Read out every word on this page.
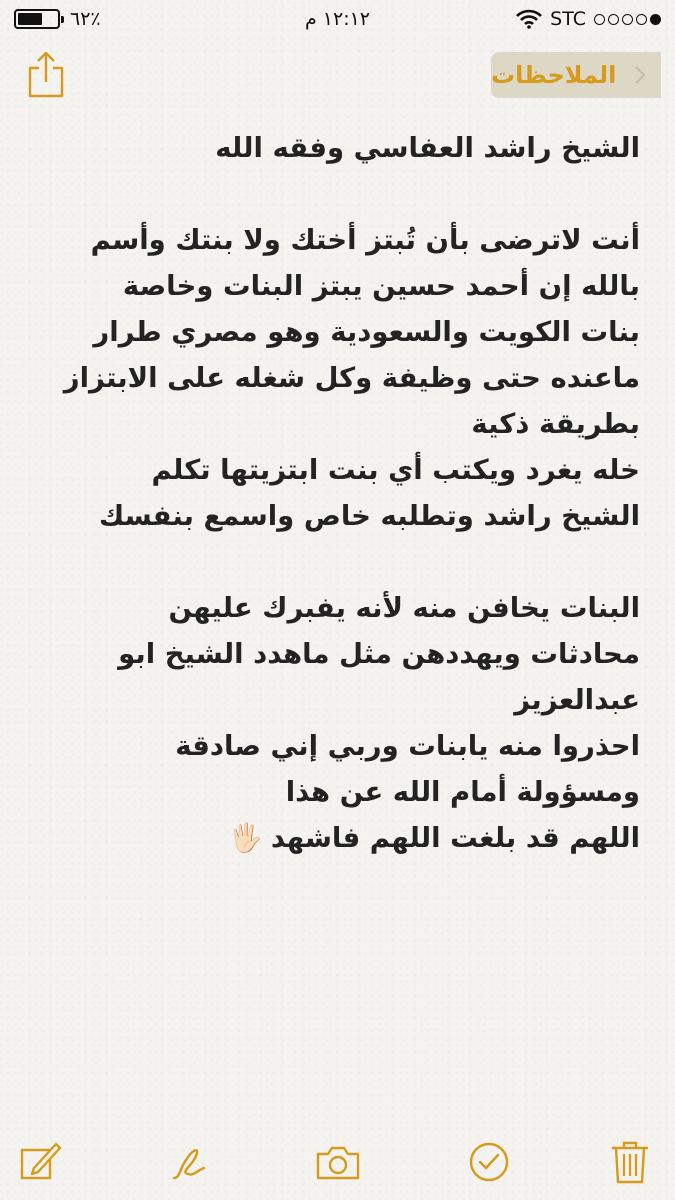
٦٢٪	١٢:١٢ م	STC
الملاحظات

الشيخ راشد العفاسي وفقه الله

أنت لاترضى بأن تُبتز أختك ولا بنتك وأسم

بالله إن أحمد حسين يبتز البنات وخاصة

بنات الكويت والسعودية وهو مصري طرار

ماعنده حتى وظيفة وكل شغله على الابتزاز

بطريقة ذكية

خله يغرد ويكتب أي بنت ابتزيتها تكلم

الشيخ راشد وتطلبه خاص واسمع بنفسك

البنات يخافن منه لأنه يفبرك عليهن

محادثات ويهددهن مثل ماهدد الشيخ ابو

عبدالعزيز

احذروا منه يابنات وربي إني صادقة

ومسؤولة أمام الله عن هذا

اللهم قد بلغت اللهم فاشهد🖐🏻
